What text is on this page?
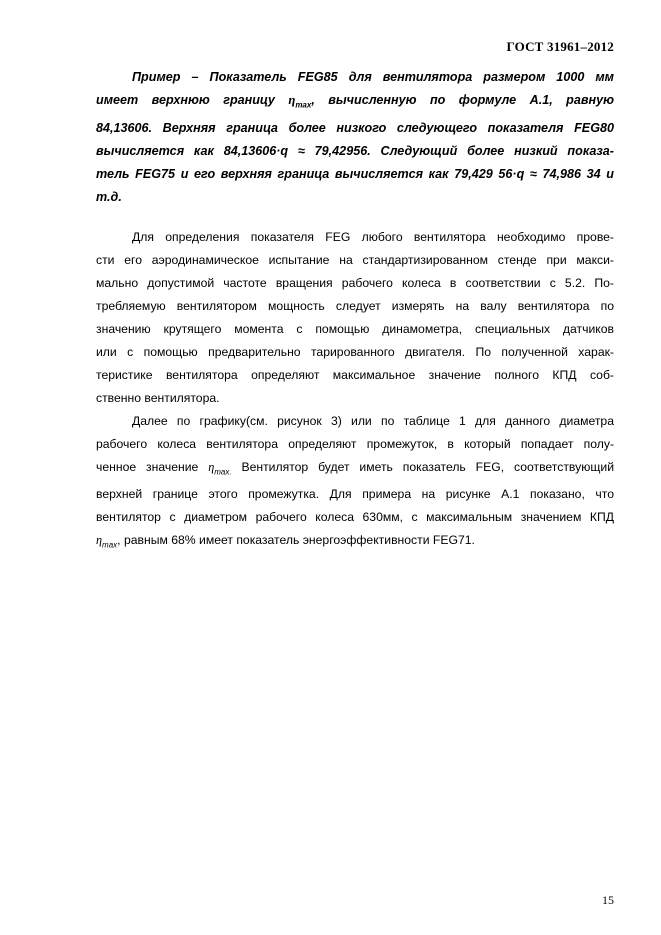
ГОСТ 31961–2012
Пример – Показатель FEG85 для вентилятора размером 1000 мм
имеет верхнюю границу $\eta_{max}$, вычисленную по формуле А.1, равную
84,13606. Верхняя граница более низкого следующего показателя FEG80
вычисляется как 84,13606·q ≈ 79,42956. Следующий более низкий показа-
тель FEG75 и его верхняя граница вычисляется как 79,429 56·q ≈ 74,986 34 и
т.д.
Для определения показателя FEG любого вентилятора необходимо прове-
сти его аэродинамическое испытание на стандартизированном стенде при макси-
мально допустимой частоте вращения рабочего колеса в соответствии с 5.2. По-
требляемую вентилятором мощность следует измерять на валу вентилятора по
значению крутящего момента с помощью динамометра, специальных датчиков
или с помощью предварительно тарированного двигателя. По полученной харак-
теристике вентилятора определяют максимальное значение полного КПД соб-
ственно вентилятора.
Далее по графику(см. рисунок 3) или по таблице 1 для данного диаметра
рабочего колеса вентилятора определяют промежуток, в который попадает полу-
ченное значение $\eta_{max.}$ Вентилятор будет иметь показатель FEG, соответствующий
верхней границе этого промежутка. Для примера на рисунке А.1 показано, что
вентилятор с диаметром рабочего колеса 630мм, с максимальным значением КПД
$\eta_{max}$, равным 68% имеет показатель энергоэффективности FEG71.
15
